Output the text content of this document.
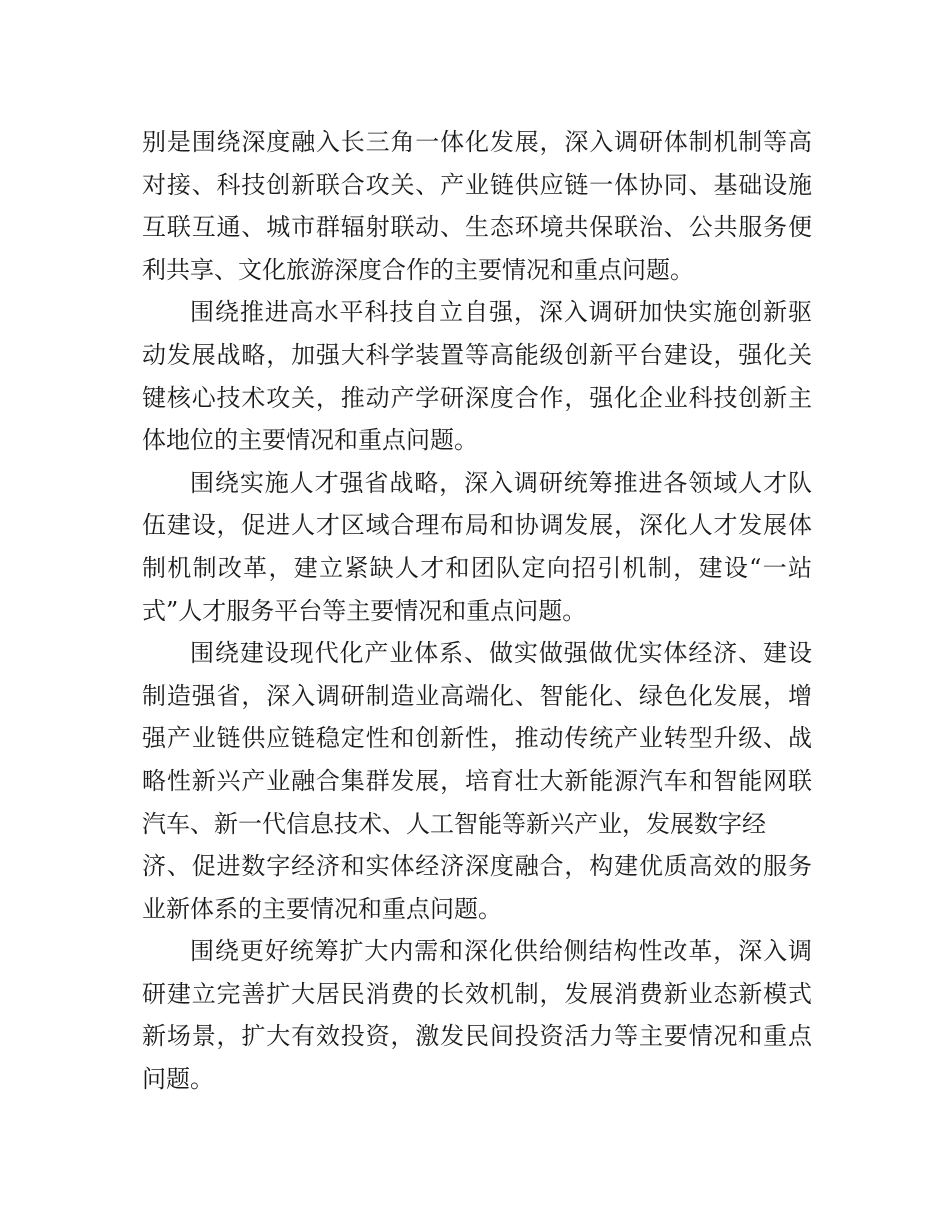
别是围绕深度融入长三角一体化发展，深入调研体制机制等高
对接、科技创新联合攻关、产业链供应链一体协同、基础设施
互联互通、城市群辐射联动、生态环境共保联治、公共服务便
利共享、文化旅游深度合作的主要情况和重点问题。
围绕推进高水平科技自立自强，深入调研加快实施创新驱
动发展战略，加强大科学装置等高能级创新平台建设，强化关
键核心技术攻关，推动产学研深度合作，强化企业科技创新主
体地位的主要情况和重点问题。
围绕实施人才强省战略，深入调研统筹推进各领域人才队
伍建设，促进人才区域合理布局和协调发展，深化人才发展体
制机制改革，建立紧缺人才和团队定向招引机制，建设“一站
式”人才服务平台等主要情况和重点问题。
围绕建设现代化产业体系、做实做强做优实体经济、建设
制造强省，深入调研制造业高端化、智能化、绿色化发展，增
强产业链供应链稳定性和创新性，推动传统产业转型升级、战
略性新兴产业融合集群发展，培育壮大新能源汽车和智能网联
汽车、新一代信息技术、人工智能等新兴产业，发展数字经
济、促进数字经济和实体经济深度融合，构建优质高效的服务
业新体系的主要情况和重点问题。
围绕更好统筹扩大内需和深化供给侧结构性改革，深入调
研建立完善扩大居民消费的长效机制，发展消费新业态新模式
新场景，扩大有效投资，激发民间投资活力等主要情况和重点
问题。
